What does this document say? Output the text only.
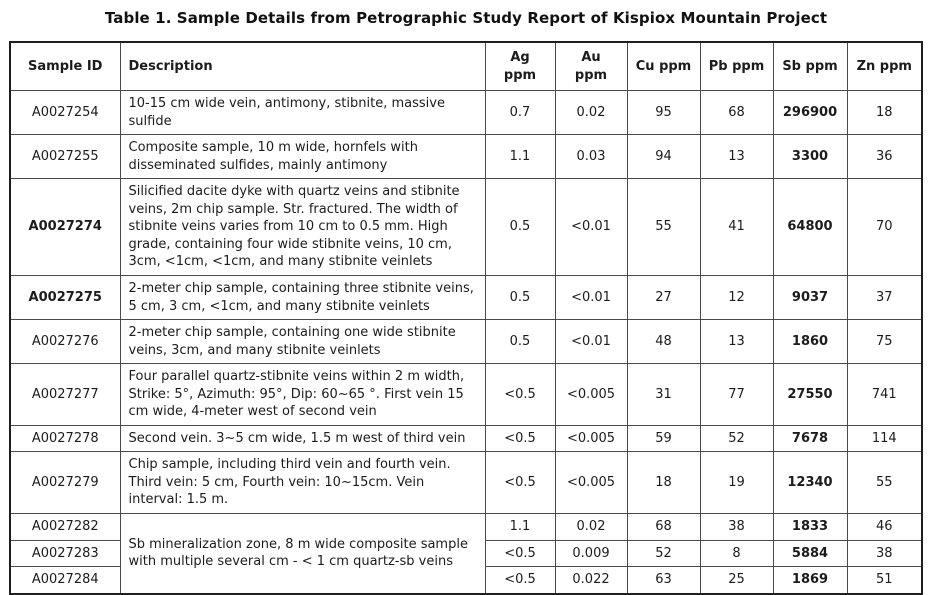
Table 1. Sample Details from Petrographic Study Report of Kispiox Mountain Project
Sample ID	Description	Ag ppm	Au ppm	Cu ppm	Pb ppm	Sb ppm	Zn ppm
A0027254	10-15 cm wide vein, antimony, stibnite, massive sulfide	0.7	0.02	95	68	296900	18
A0027255	Composite sample, 10 m wide, hornfels with disseminated sulfides, mainly antimony	1.1	0.03	94	13	3300	36
A0027274	Silicified dacite dyke with quartz veins and stibnite veins, 2m chip sample. Str. fractured. The width of stibnite veins varies from 10 cm to 0.5 mm. High grade, containing four wide stibnite veins, 10 cm, 3cm, <1cm, <1cm, and many stibnite veinlets	0.5	<0.01	55	41	64800	70
A0027275	2-meter chip sample, containing three stibnite veins, 5 cm, 3 cm, <1cm, and many stibnite veinlets	0.5	<0.01	27	12	9037	37
A0027276	2-meter chip sample, containing one wide stibnite veins, 3cm, and many stibnite veinlets	0.5	<0.01	48	13	1860	75
A0027277	Four parallel quartz-stibnite veins within 2 m width, Strike: 5°, Azimuth: 95°, Dip: 60~65 °. First vein 15 cm wide, 4-meter west of second vein	<0.5	<0.005	31	77	27550	741
A0027278	Second vein. 3~5 cm wide, 1.5 m west of third vein	<0.5	<0.005	59	52	7678	114
A0027279	Chip sample, including third vein and fourth vein. Third vein: 5 cm, Fourth vein: 10~15cm. Vein interval: 1.5 m.	<0.5	<0.005	18	19	12340	55
A0027282	Sb mineralization zone, 8 m wide composite sample with multiple several cm - < 1 cm quartz-sb veins	1.1	0.02	68	38	1833	46
A0027283		<0.5	0.009	52	8	5884	38
A0027284		<0.5	0.022	63	25	1869	51
